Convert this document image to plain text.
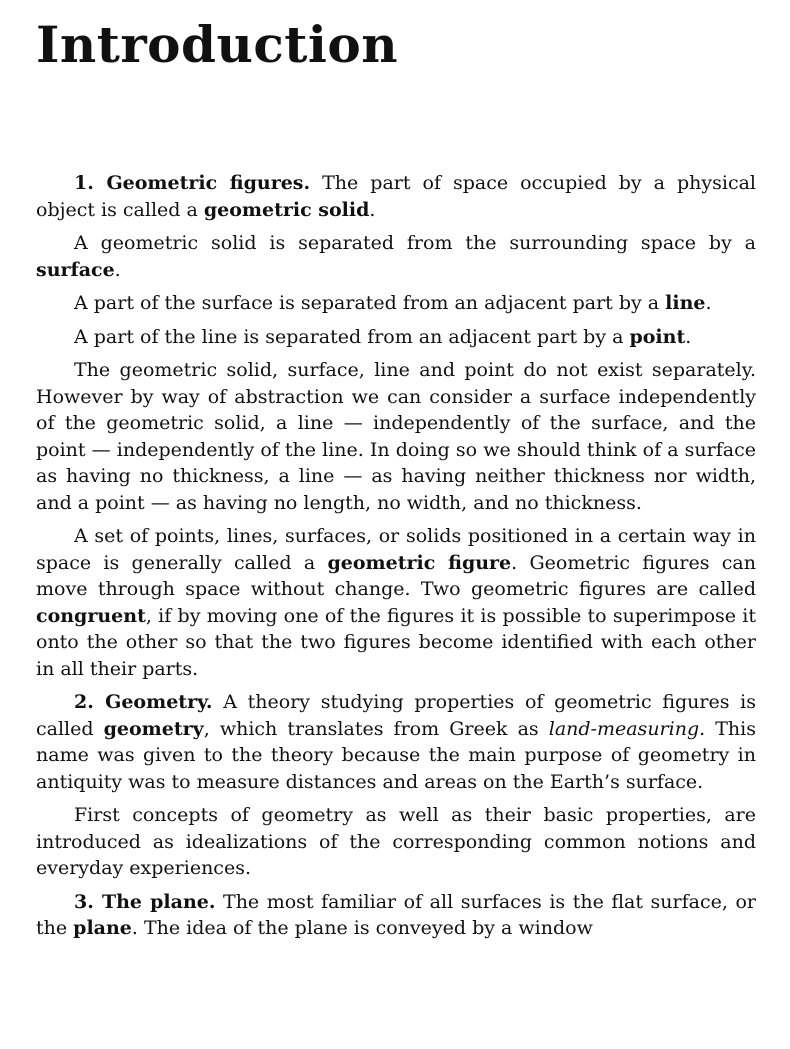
Introduction

1. Geometric figures. The part of space occupied by a physical object is called a geometric solid.

A geometric solid is separated from the surrounding space by a surface.

A part of the surface is separated from an adjacent part by a line.

A part of the line is separated from an adjacent part by a point.

The geometric solid, surface, line and point do not exist separately. However by way of abstraction we can consider a surface independently of the geometric solid, a line — independently of the surface, and the point — independently of the line. In doing so we should think of a surface as having no thickness, a line — as having neither thickness nor width, and a point — as having no length, no width, and no thickness.

A set of points, lines, surfaces, or solids positioned in a certain way in space is generally called a geometric figure. Geometric figures can move through space without change. Two geometric figures are called congruent, if by moving one of the figures it is possible to superimpose it onto the other so that the two figures become identified with each other in all their parts.

2. Geometry. A theory studying properties of geometric figures is called geometry, which translates from Greek as land-measuring. This name was given to the theory because the main purpose of geometry in antiquity was to measure distances and areas on the Earth’s surface.

First concepts of geometry as well as their basic properties, are introduced as idealizations of the corresponding common notions and everyday experiences.

3. The plane. The most familiar of all surfaces is the flat surface, or the plane. The idea of the plane is conveyed by a window
